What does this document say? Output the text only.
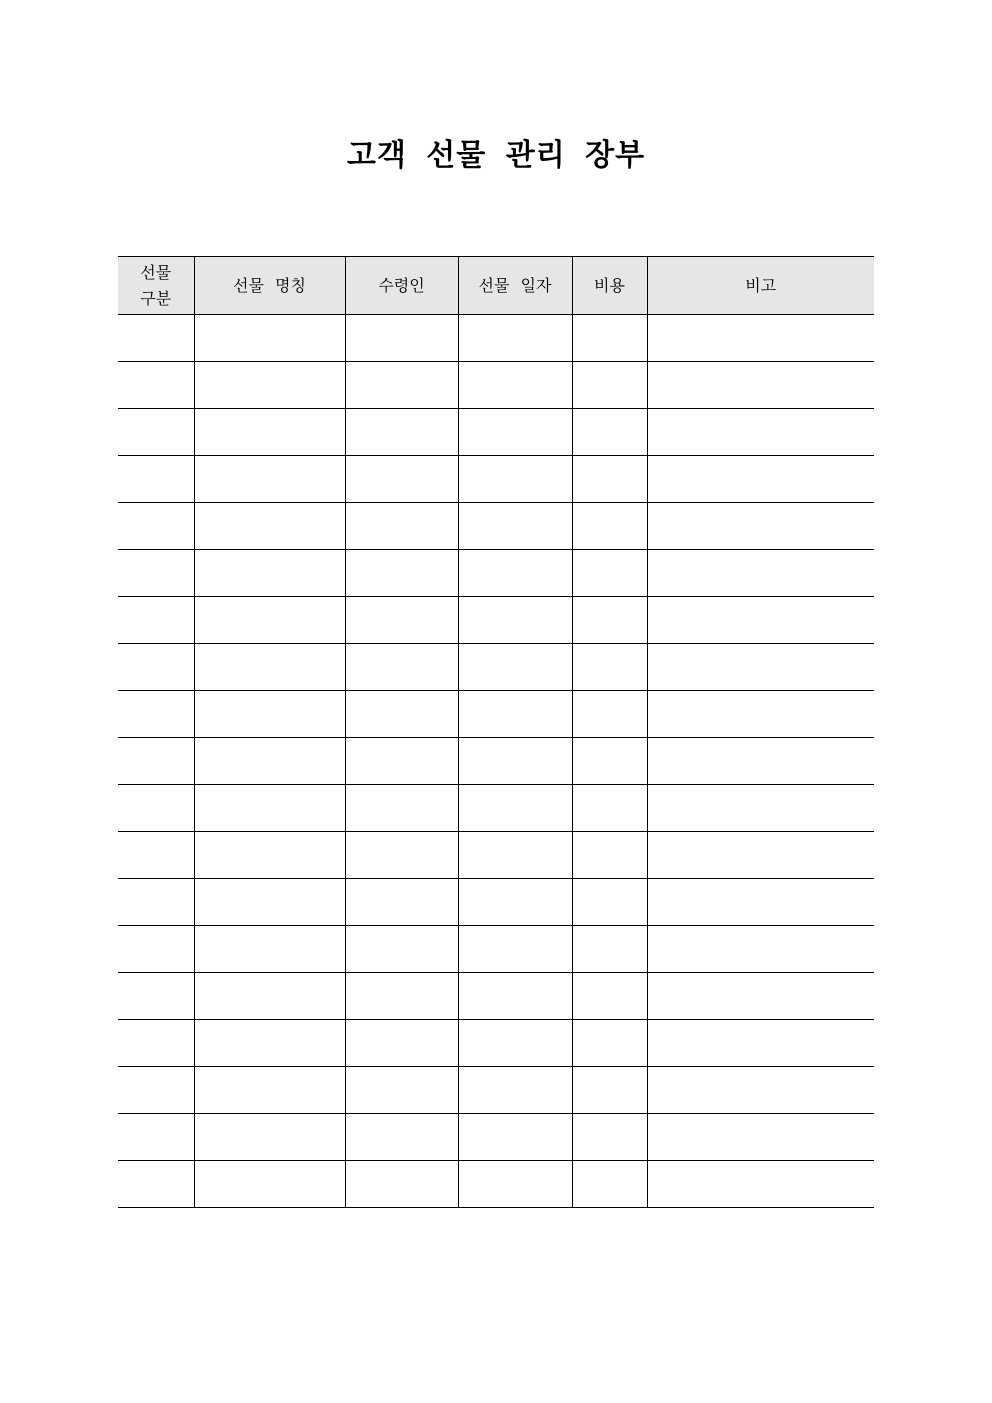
고객 선물 관리 장부
선물
구분	선물 명칭	수령인	선물 일자	비용	비고
